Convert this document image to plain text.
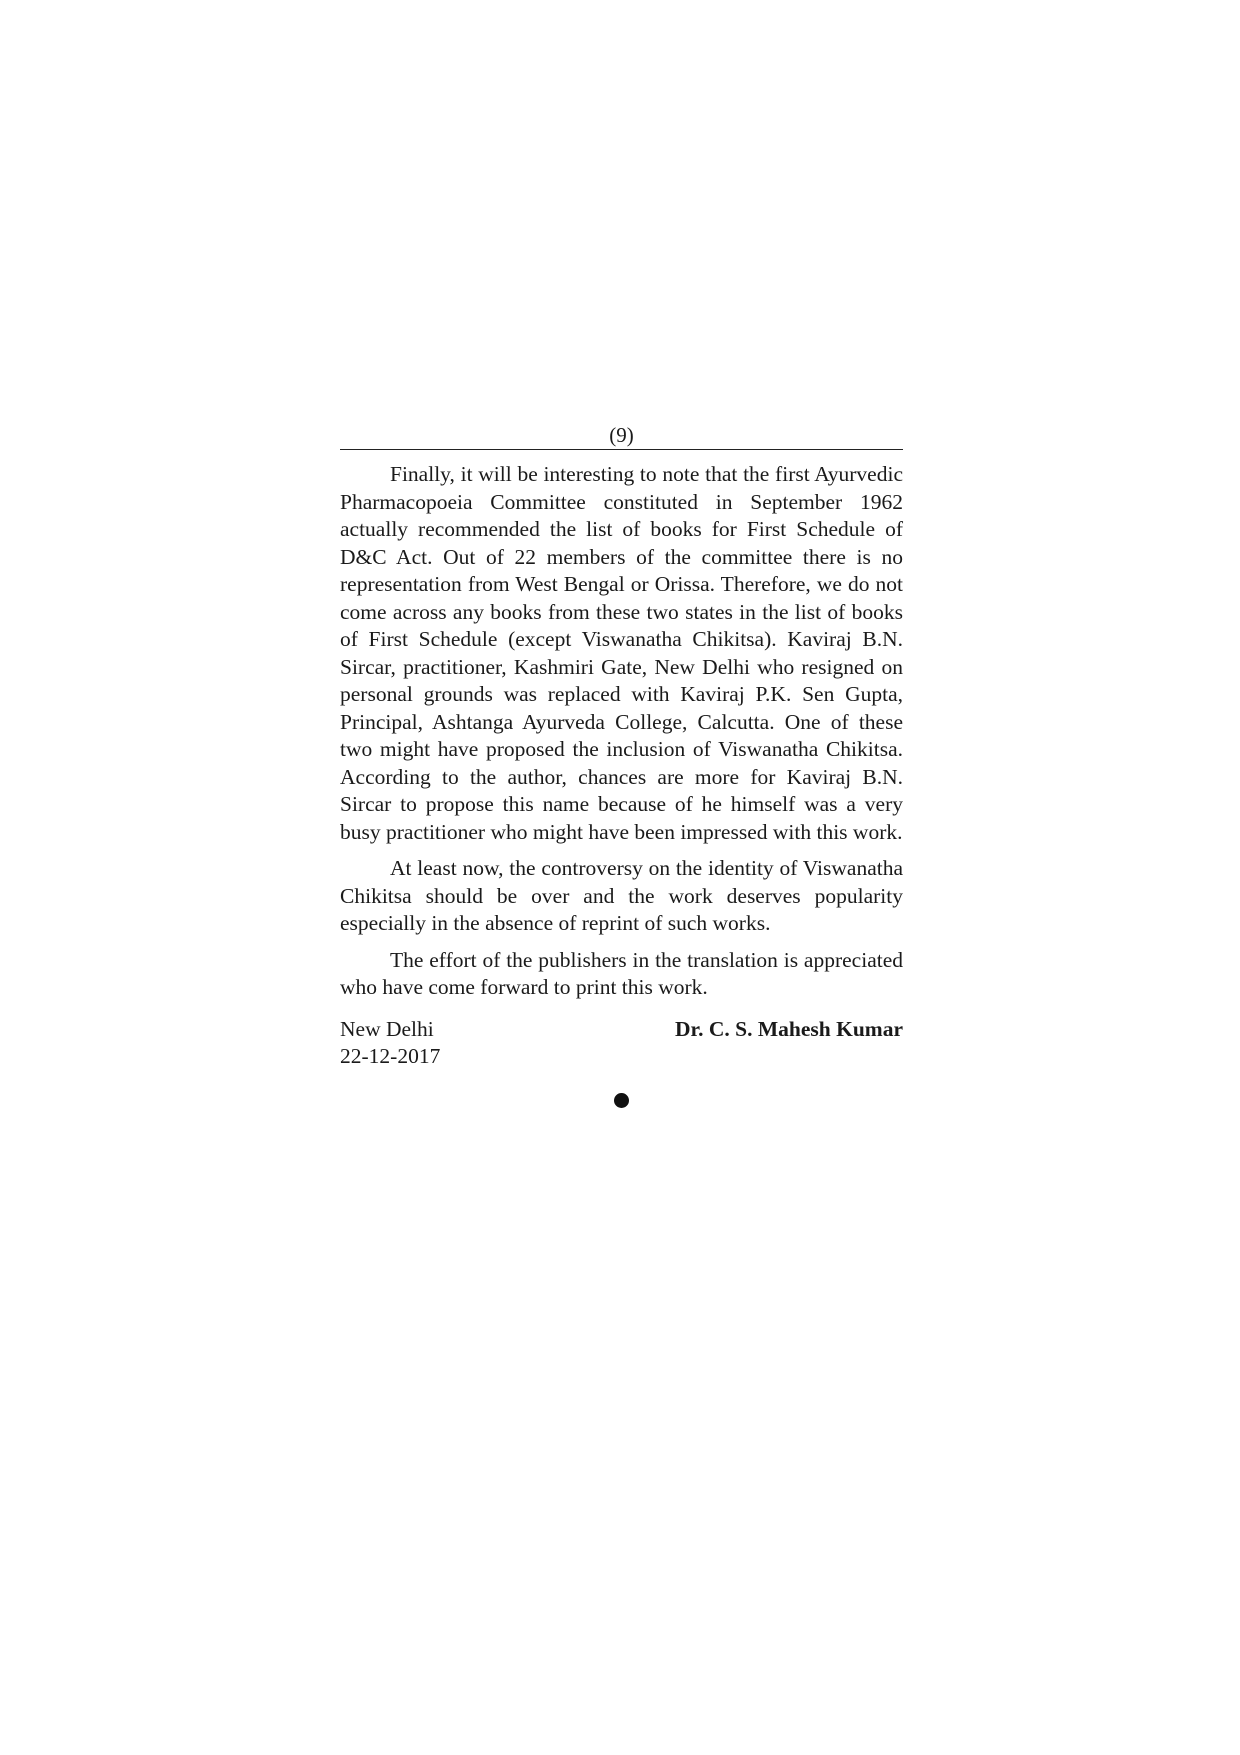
(9)

Finally, it will be interesting to note that the first Ayurvedic Pharmacopoeia Committee constituted in September 1962 actually recommended the list of books for First Schedule of D&C Act. Out of 22 members of the committee there is no representation from West Bengal or Orissa. Therefore, we do not come across any books from these two states in the list of books of First Schedule (except Viswanatha Chikitsa). Kaviraj B.N. Sircar, practitioner, Kashmiri Gate, New Delhi who resigned on personal grounds was replaced with Kaviraj P.K. Sen Gupta, Principal, Ashtanga Ayurveda College, Calcutta. One of these two might have proposed the inclusion of Viswanatha Chikitsa. According to the author, chances are more for Kaviraj B.N. Sircar to propose this name because of he himself was a very busy practitioner who might have been impressed with this work.

At least now, the controversy on the identity of Viswanatha Chikitsa should be over and the work deserves popularity especially in the absence of reprint of such works.

The effort of the publishers in the translation is appreciated who have come forward to print this work.

New Delhi
22-12-2017
Dr. C. S. Mahesh Kumar
